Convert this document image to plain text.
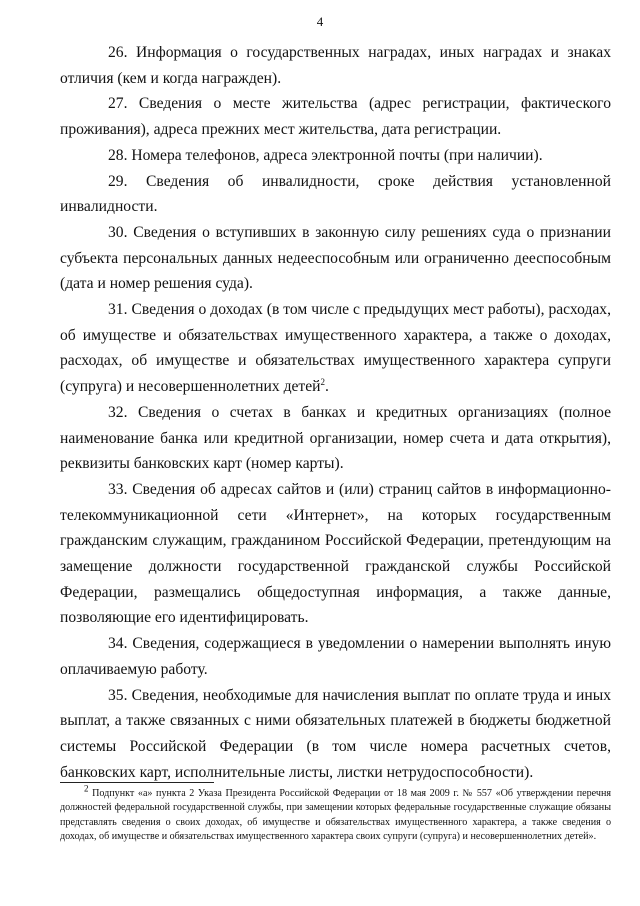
4

26. Информация о государственных наградах, иных наградах и знаках отличия (кем и когда награжден).

27. Сведения о месте жительства (адрес регистрации, фактического проживания), адреса прежних мест жительства, дата регистрации.

28. Номера телефонов, адреса электронной почты (при наличии).

29. Сведения об инвалидности, сроке действия установленной инвалидности.

30. Сведения о вступивших в законную силу решениях суда о признании субъекта персональных данных недееспособным или ограниченно дееспособным (дата и номер решения суда).

31. Сведения о доходах (в том числе с предыдущих мест работы), расходах, об имуществе и обязательствах имущественного характера, а также о доходах, расходах, об имуществе и обязательствах имущественного характера супруги (супруга) и несовершеннолетних детей$^2$.

32. Сведения о счетах в банках и кредитных организациях (полное наименование банка или кредитной организации, номер счета и дата открытия), реквизиты банковских карт (номер карты).

33. Сведения об адресах сайтов и (или) страниц сайтов в информационно-телекоммуникационной сети «Интернет», на которых государственным гражданским служащим, гражданином Российской Федерации, претендующим на замещение должности государственной гражданской службы Российской Федерации, размещались общедоступная информация, а также данные, позволяющие его идентифицировать.

34. Сведения, содержащиеся в уведомлении о намерении выполнять иную оплачиваемую работу.

35. Сведения, необходимые для начисления выплат по оплате труда и иных выплат, а также связанных с ними обязательных платежей в бюджеты бюджетной системы Российской Федерации (в том числе номера расчетных счетов, банковских карт, исполнительные листы, листки нетрудоспособности).

$^2$ Подпункт «а» пункта 2 Указа Президента Российской Федерации от 18 мая 2009 г. № 557 «Об утверждении перечня должностей федеральной государственной службы, при замещении которых федеральные государственные служащие обязаны представлять сведения о своих доходах, об имуществе и обязательствах имущественного характера, а также сведения о доходах, об имуществе и обязательствах имущественного характера своих супруги (супруга) и несовершеннолетних детей».
